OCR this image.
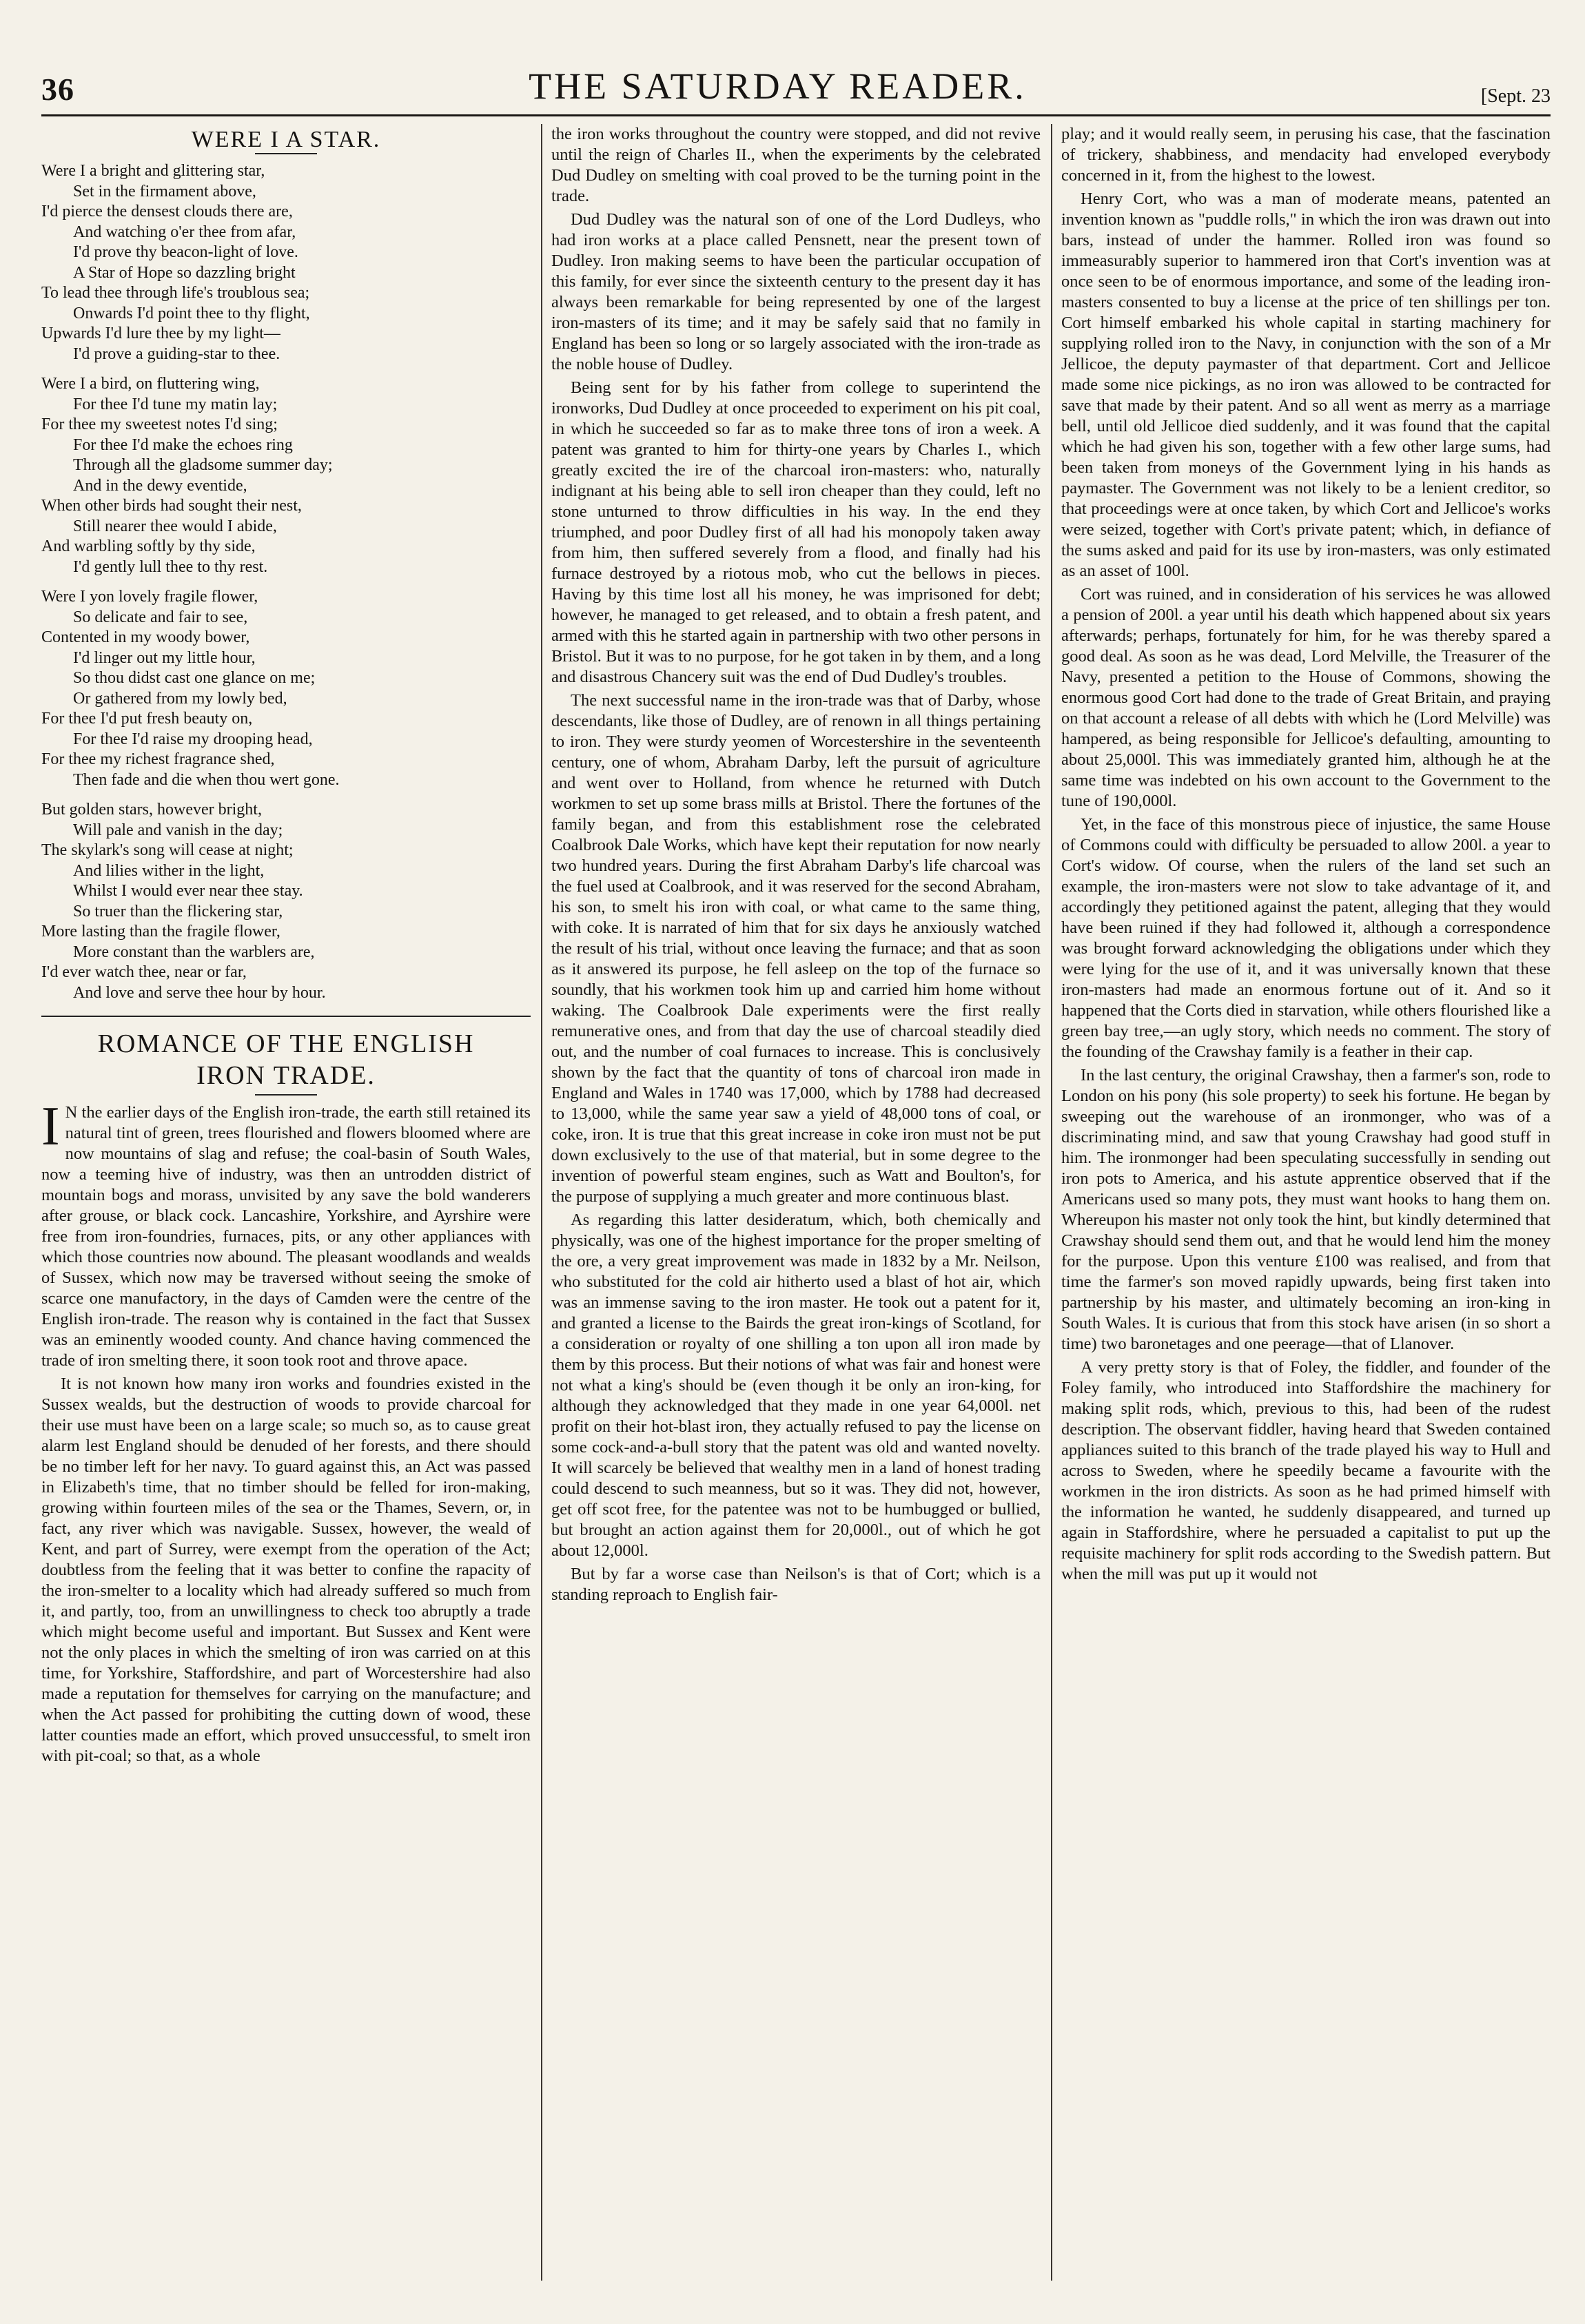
36	THE SATURDAY READER.	[Sept. 23
WERE I A STAR.
Were I a bright and glittering star,
Set in the firmament above,
I'd pierce the densest clouds there are,
And watching o'er thee from afar,
I'd prove thy beacon-light of love.
A Star of Hope so dazzling bright
To lead thee through life's troublous sea;
Onwards I'd point thee to thy flight,
Upwards I'd lure thee by my light—
I'd prove a guiding-star to thee.
Were I a bird, on fluttering wing,
For thee I'd tune my matin lay;
For thee my sweetest notes I'd sing;
For thee I'd make the echoes ring
Through all the gladsome summer day;
And in the dewy eventide,
When other birds had sought their nest,
Still nearer thee would I abide,
And warbling softly by thy side,
I'd gently lull thee to thy rest.
Were I yon lovely fragile flower,
So delicate and fair to see,
Contented in my woody bower,
I'd linger out my little hour,
So thou didst cast one glance on me;
Or gathered from my lowly bed,
For thee I'd put fresh beauty on,
For thee I'd raise my drooping head,
For thee my richest fragrance shed,
Then fade and die when thou wert gone.
But golden stars, however bright,
Will pale and vanish in the day;
The skylark's song will cease at night;
And lilies wither in the light,
Whilst I would ever near thee stay.
So truer than the flickering star,
More lasting than the fragile flower,
More constant than the warblers are,
I'd ever watch thee, near or far,
And love and serve thee hour by hour.
ROMANCE OF THE ENGLISH
IRON TRADE.

I N the earlier days of the English iron-trade, the earth still retained its natural tint of green, trees flourished and flowers bloomed where are now mountains of slag and refuse; the coal-basin of South Wales, now a teeming hive of industry, was then an untrodden district of mountain bogs and morass, unvisited by any save the bold wanderers after grouse, or black cock. Lancashire, Yorkshire, and Ayrshire were free from iron-foundries, furnaces, pits, or any other appliances with which those countries now abound. The pleasant woodlands and wealds of Sussex, which now may be traversed without seeing the smoke of scarce one manufactory, in the days of Camden were the centre of the English iron-trade. The reason why is contained in the fact that Sussex was an eminently wooded county. And chance having commenced the trade of iron smelting there, it soon took root and throve apace.

It is not known how many iron works and foundries existed in the Sussex wealds, but the destruction of woods to provide charcoal for their use must have been on a large scale; so much so, as to cause great alarm lest England should be denuded of her forests, and there should be no timber left for her navy. To guard against this, an Act was passed in Elizabeth's time, that no timber should be felled for iron-making, growing within fourteen miles of the sea or the Thames, Severn, or, in fact, any river which was navigable. Sussex, however, the weald of Kent, and part of Surrey, were exempt from the operation of the Act; doubtless from the feeling that it was better to confine the rapacity of the iron-smelter to a locality which had already suffered so much from it, and partly, too, from an unwillingness to check too abruptly a trade which might become useful and important. But Sussex and Kent were not the only places in which the smelting of iron was carried on at this time, for Yorkshire, Staffordshire, and part of Worcestershire had also made a reputation for themselves for carrying on the manufacture; and when the Act passed for prohibiting the cutting down of wood, these latter counties made an effort, which proved unsuccessful, to smelt iron with pit-coal; so that, as a whole

the iron works throughout the country were stopped, and did not revive until the reign of Charles II., when the experiments by the celebrated Dud Dudley on smelting with coal proved to be the turning point in the trade.

Dud Dudley was the natural son of one of the Lord Dudleys, who had iron works at a place called Pensnett, near the present town of Dudley. Iron making seems to have been the particular occupation of this family, for ever since the sixteenth century to the present day it has always been remarkable for being represented by one of the largest iron-masters of its time; and it may be safely said that no family in England has been so long or so largely associated with the iron-trade as the noble house of Dudley.

Being sent for by his father from college to superintend the ironworks, Dud Dudley at once proceeded to experiment on his pit coal, in which he succeeded so far as to make three tons of iron a week. A patent was granted to him for thirty-one years by Charles I., which greatly excited the ire of the charcoal iron-masters: who, naturally indignant at his being able to sell iron cheaper than they could, left no stone unturned to throw difficulties in his way. In the end they triumphed, and poor Dudley first of all had his monopoly taken away from him, then suffered severely from a flood, and finally had his furnace destroyed by a riotous mob, who cut the bellows in pieces. Having by this time lost all his money, he was imprisoned for debt; however, he managed to get released, and to obtain a fresh patent, and armed with this he started again in partnership with two other persons in Bristol. But it was to no purpose, for he got taken in by them, and a long and disastrous Chancery suit was the end of Dud Dudley's troubles.

The next successful name in the iron-trade was that of Darby, whose descendants, like those of Dudley, are of renown in all things pertaining to iron. They were sturdy yeomen of Worcestershire in the seventeenth century, one of whom, Abraham Darby, left the pursuit of agriculture and went over to Holland, from whence he returned with Dutch workmen to set up some brass mills at Bristol. There the fortunes of the family began, and from this establishment rose the celebrated Coalbrook Dale Works, which have kept their reputation for now nearly two hundred years. During the first Abraham Darby's life charcoal was the fuel used at Coalbrook, and it was reserved for the second Abraham, his son, to smelt his iron with coal, or what came to the same thing, with coke. It is narrated of him that for six days he anxiously watched the result of his trial, without once leaving the furnace; and that as soon as it answered its purpose, he fell asleep on the top of the furnace so soundly, that his workmen took him up and carried him home without waking. The Coalbrook Dale experiments were the first really remunerative ones, and from that day the use of charcoal steadily died out, and the number of coal furnaces to increase. This is conclusively shown by the fact that the quantity of tons of charcoal iron made in England and Wales in 1740 was 17,000, which by 1788 had decreased to 13,000, while the same year saw a yield of 48,000 tons of coal, or coke, iron. It is true that this great increase in coke iron must not be put down exclusively to the use of that material, but in some degree to the invention of powerful steam engines, such as Watt and Boulton's, for the purpose of supplying a much greater and more continuous blast.

As regarding this latter desideratum, which, both chemically and physically, was one of the highest importance for the proper smelting of the ore, a very great improvement was made in 1832 by a Mr. Neilson, who substituted for the cold air hitherto used a blast of hot air, which was an immense saving to the iron master. He took out a patent for it, and granted a license to the Bairds the great iron-kings of Scotland, for a consideration or royalty of one shilling a ton upon all iron made by them by this process. But their notions of what was fair and honest were not what a king's should be (even though it be only an iron-king, for although they acknowledged that they made in one year 64,000l. net profit on their hot-blast iron, they actually refused to pay the license on some cock-and-a-bull story that the patent was old and wanted novelty. It will scarcely be believed that wealthy men in a land of honest trading could descend to such meanness, but so it was. They did not, however, get off scot free, for the patentee was not to be humbugged or bullied, but brought an action against them for 20,000l., out of which he got about 12,000l.

But by far a worse case than Neilson's is that of Cort; which is a standing reproach to English fair-

play; and it would really seem, in perusing his case, that the fascination of trickery, shabbiness, and mendacity had enveloped everybody concerned in it, from the highest to the lowest.

Henry Cort, who was a man of moderate means, patented an invention known as "puddle rolls," in which the iron was drawn out into bars, instead of under the hammer. Rolled iron was found so immeasurably superior to hammered iron that Cort's invention was at once seen to be of enormous importance, and some of the leading iron-masters consented to buy a license at the price of ten shillings per ton. Cort himself embarked his whole capital in starting machinery for supplying rolled iron to the Navy, in conjunction with the son of a Mr Jellicoe, the deputy paymaster of that department. Cort and Jellicoe made some nice pickings, as no iron was allowed to be contracted for save that made by their patent. And so all went as merry as a marriage bell, until old Jellicoe died suddenly, and it was found that the capital which he had given his son, together with a few other large sums, had been taken from moneys of the Government lying in his hands as paymaster. The Government was not likely to be a lenient creditor, so that proceedings were at once taken, by which Cort and Jellicoe's works were seized, together with Cort's private patent; which, in defiance of the sums asked and paid for its use by iron-masters, was only estimated as an asset of 100l.

Cort was ruined, and in consideration of his services he was allowed a pension of 200l. a year until his death which happened about six years afterwards; perhaps, fortunately for him, for he was thereby spared a good deal. As soon as he was dead, Lord Melville, the Treasurer of the Navy, presented a petition to the House of Commons, showing the enormous good Cort had done to the trade of Great Britain, and praying on that account a release of all debts with which he (Lord Melville) was hampered, as being responsible for Jellicoe's defaulting, amounting to about 25,000l. This was immediately granted him, although he at the same time was indebted on his own account to the Government to the tune of 190,000l.

Yet, in the face of this monstrous piece of injustice, the same House of Commons could with difficulty be persuaded to allow 200l. a year to Cort's widow. Of course, when the rulers of the land set such an example, the iron-masters were not slow to take advantage of it, and accordingly they petitioned against the patent, alleging that they would have been ruined if they had followed it, although a correspondence was brought forward acknowledging the obligations under which they were lying for the use of it, and it was universally known that these iron-masters had made an enormous fortune out of it. And so it happened that the Corts died in starvation, while others flourished like a green bay tree,—an ugly story, which needs no comment. The story of the founding of the Crawshay family is a feather in their cap.

In the last century, the original Crawshay, then a farmer's son, rode to London on his pony (his sole property) to seek his fortune. He began by sweeping out the warehouse of an ironmonger, who was of a discriminating mind, and saw that young Crawshay had good stuff in him. The ironmonger had been speculating successfully in sending out iron pots to America, and his astute apprentice observed that if the Americans used so many pots, they must want hooks to hang them on. Whereupon his master not only took the hint, but kindly determined that Crawshay should send them out, and that he would lend him the money for the purpose. Upon this venture £100 was realised, and from that time the farmer's son moved rapidly upwards, being first taken into partnership by his master, and ultimately becoming an iron-king in South Wales. It is curious that from this stock have arisen (in so short a time) two baronetages and one peerage—that of Llanover.

A very pretty story is that of Foley, the fiddler, and founder of the Foley family, who introduced into Staffordshire the machinery for making split rods, which, previous to this, had been of the rudest description. The observant fiddler, having heard that Sweden contained appliances suited to this branch of the trade played his way to Hull and across to Sweden, where he speedily became a favourite with the workmen in the iron districts. As soon as he had primed himself with the information he wanted, he suddenly disappeared, and turned up again in Staffordshire, where he persuaded a capitalist to put up the requisite machinery for split rods according to the Swedish pattern. But when the mill was put up it would not
